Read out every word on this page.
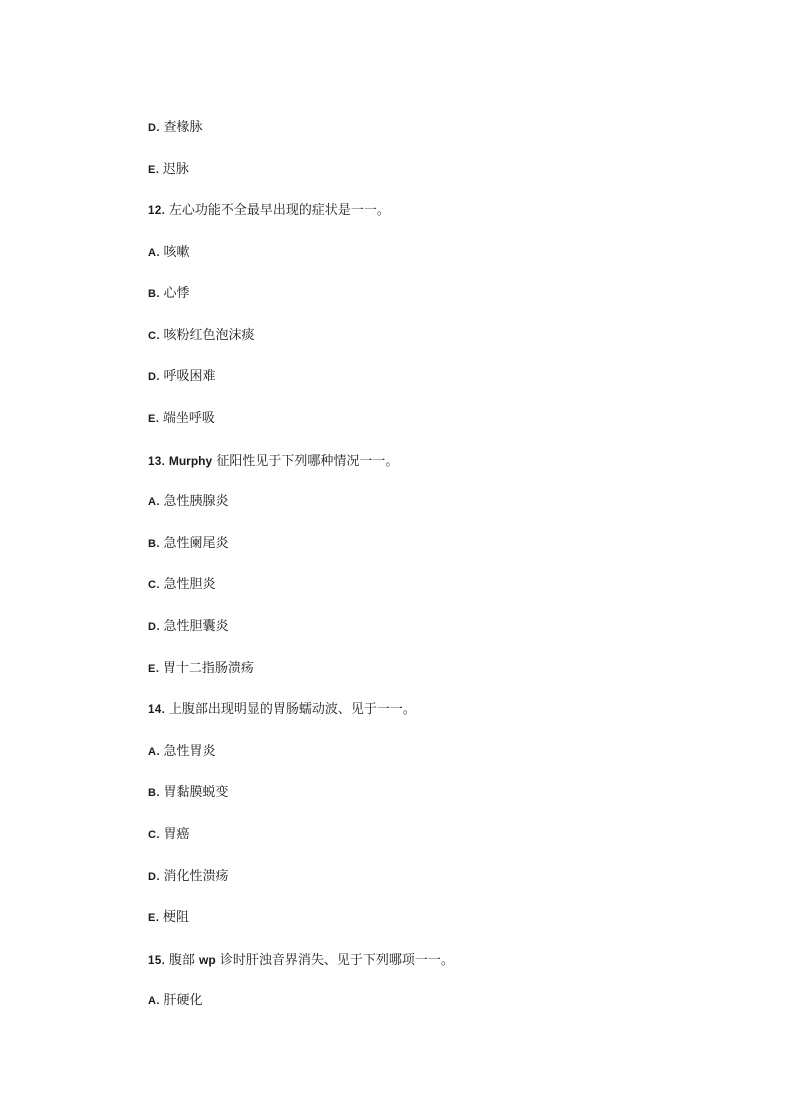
D. 查椽脉
E. 迟脉
12. 左心功能不全最早出现的症状是一一。
A. 咳嗽
B. 心悸
C. 咳粉红色泡沫痰
D. 呼吸困难
E. 端坐呼吸
13. Murphy 征阳性见于下列哪种情况一一。
A. 急性胰腺炎
B. 急性阑尾炎
C. 急性胆炎
D. 急性胆囊炎
E. 胃十二指肠溃疡
14. 上腹部出现明显的胃肠蠕动波、见于一一。
A. 急性胃炎
B. 胃黏膜蜕变
C. 胃癌
D. 消化性溃疡
E. 梗阻
15. 腹部 wp 诊时肝浊音界消失、见于下列哪项一一。
A. 肝硬化
